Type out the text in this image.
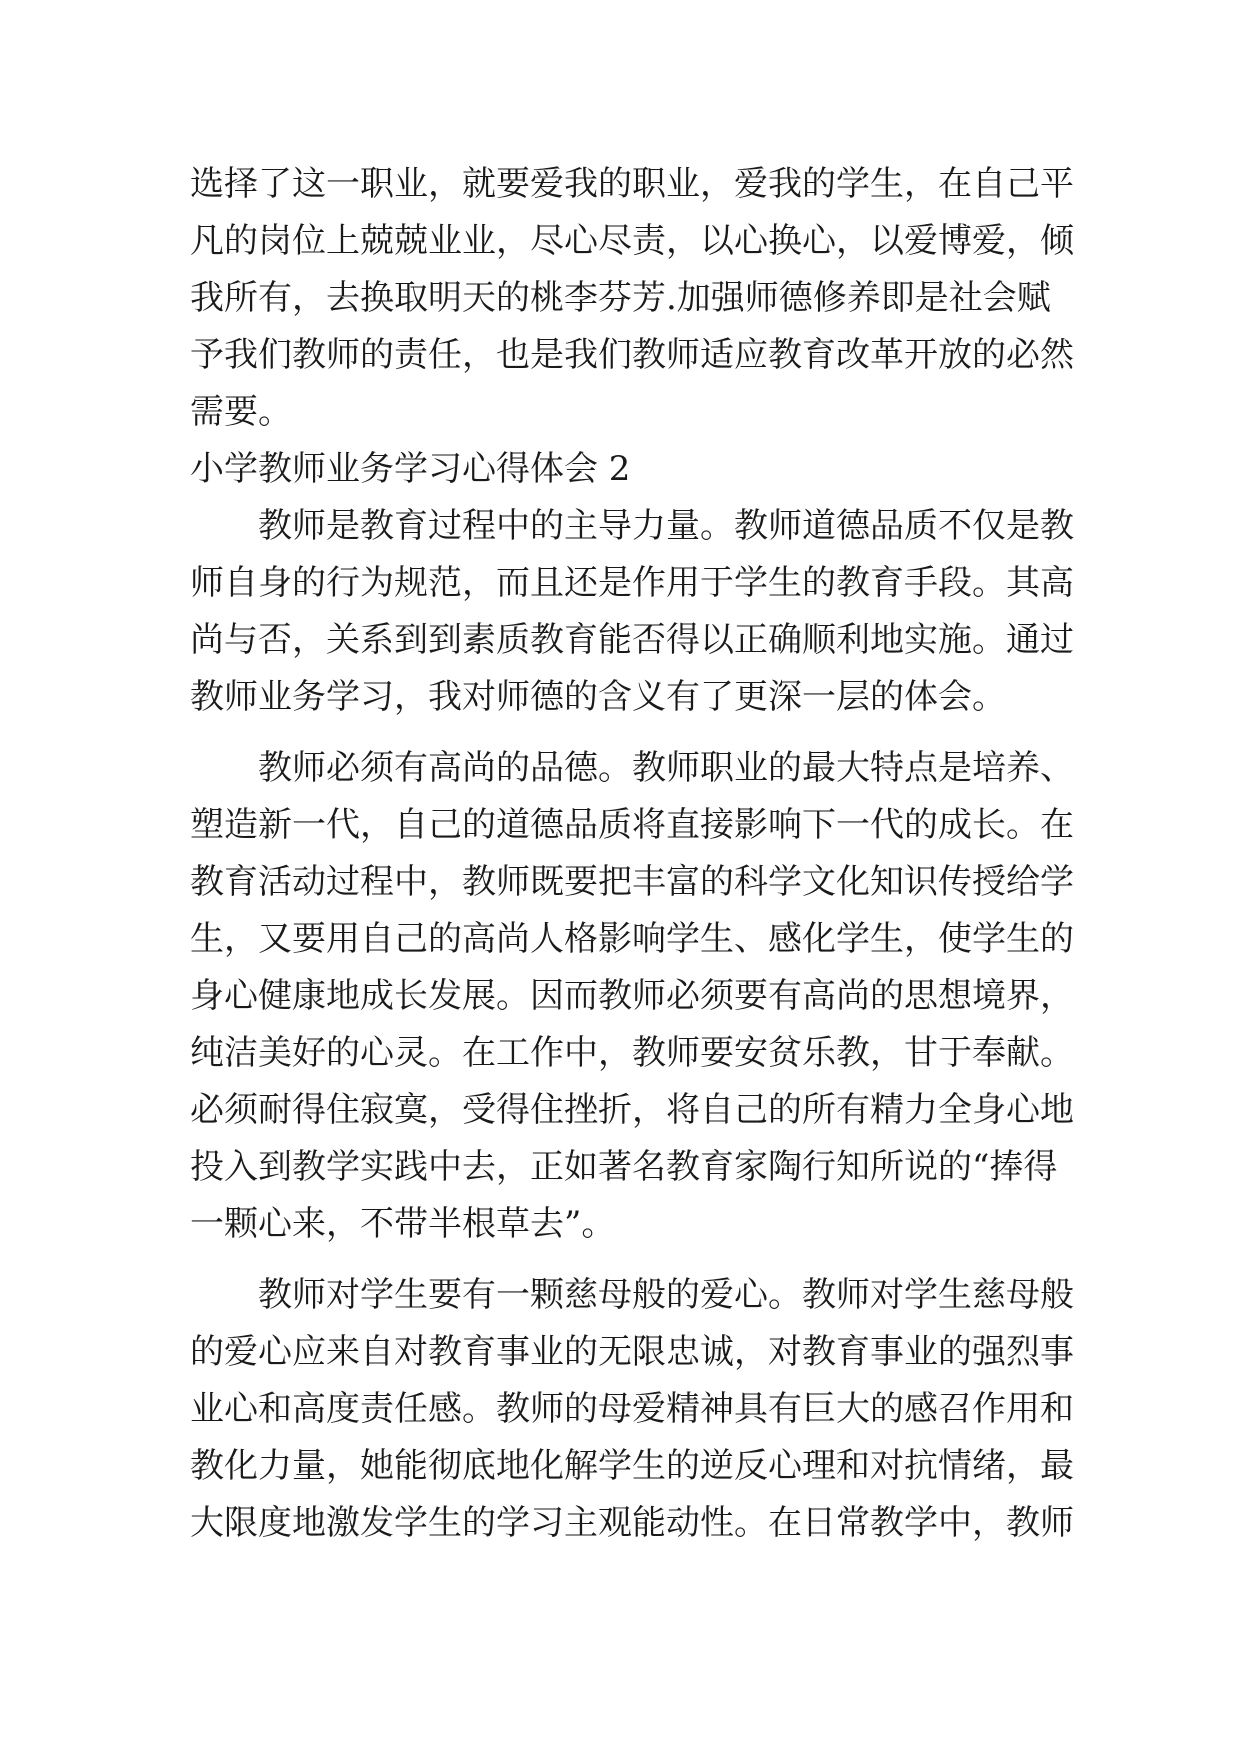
选择了这一职业，就要爱我的职业，爱我的学生，在自己平
凡的岗位上兢兢业业，尽心尽责，以心换心，以爱博爱，倾
我所有，去换取明天的桃李芬芳.加强师德修养即是社会赋
予我们教师的责任，也是我们教师适应教育改革开放的必然
需要。
小学教师业务学习心得体会 2
　　教师是教育过程中的主导力量。教师道德品质不仅是教
师自身的行为规范，而且还是作用于学生的教育手段。其高
尚与否，关系到到素质教育能否得以正确顺利地实施。通过
教师业务学习，我对师德的含义有了更深一层的体会。
　　教师必须有高尚的品德。教师职业的最大特点是培养、
塑造新一代，自己的道德品质将直接影响下一代的成长。在
教育活动过程中，教师既要把丰富的科学文化知识传授给学
生，又要用自己的高尚人格影响学生、感化学生，使学生的
身心健康地成长发展。因而教师必须要有高尚的思想境界，
纯洁美好的心灵。在工作中，教师要安贫乐教，甘于奉献。
必须耐得住寂寞，受得住挫折，将自己的所有精力全身心地
投入到教学实践中去，正如著名教育家陶行知所说的“捧得
一颗心来，不带半根草去”。
　　教师对学生要有一颗慈母般的爱心。教师对学生慈母般
的爱心应来自对教育事业的无限忠诚，对教育事业的强烈事
业心和高度责任感。教师的母爱精神具有巨大的感召作用和
教化力量，她能彻底地化解学生的逆反心理和对抗情绪，最
大限度地激发学生的学习主观能动性。在日常教学中，教师
